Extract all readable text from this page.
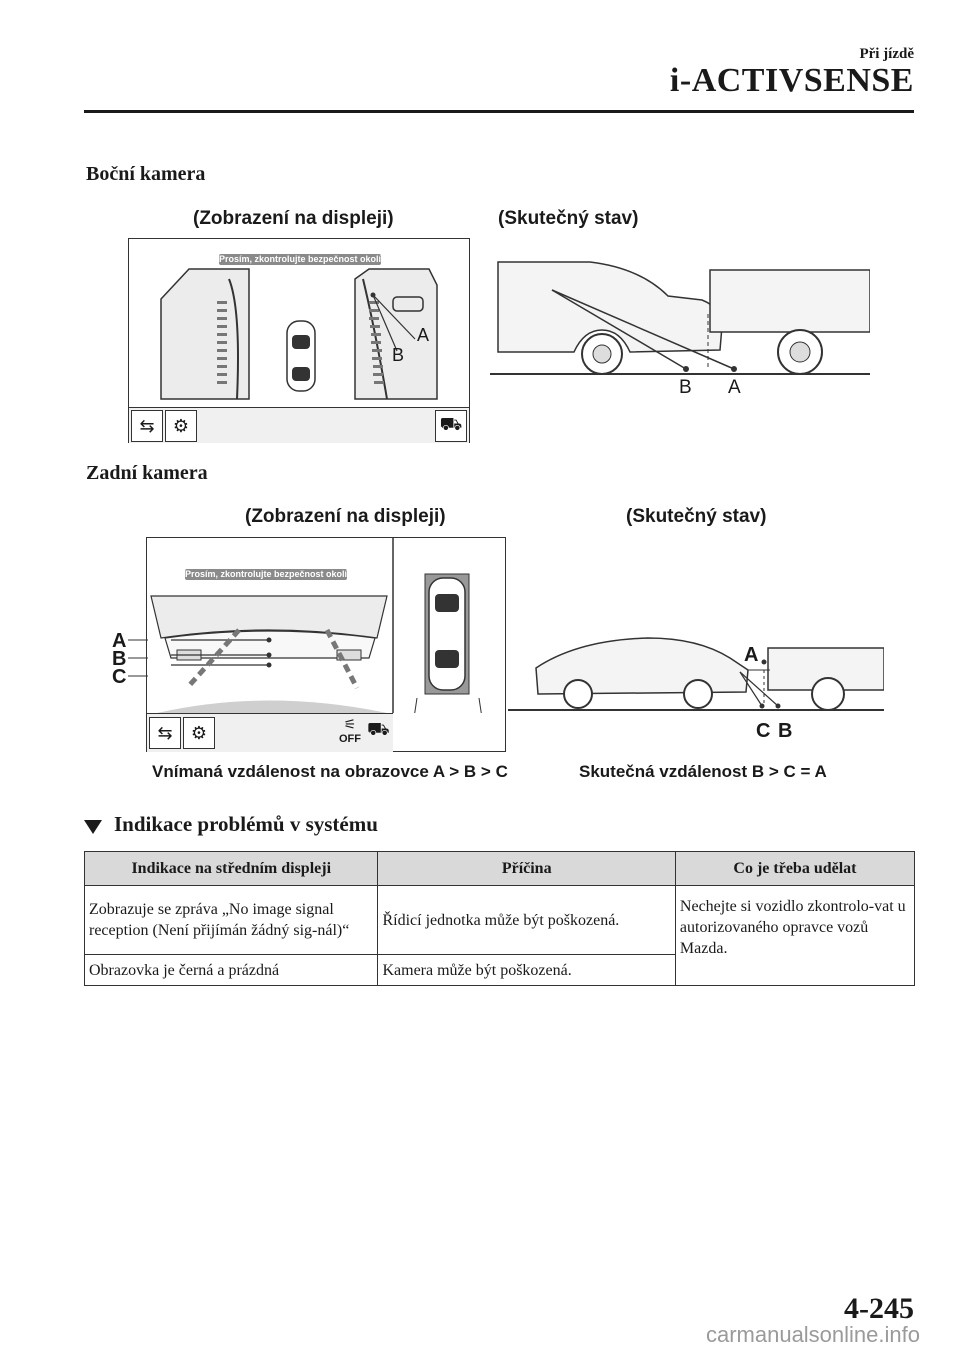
Při jízdě
i-ACTIVSENSE
Boční kamera
(Zobrazení na displeji)	(Skutečný stav)
Prosím, zkontrolujte bezpečnost okolí
A
B
⇆	⚙	⛟
B A
Zadní kamera
(Zobrazení na displeji)	(Skutečný stav)
Prosím, zkontrolujte bezpečnost okolí
⇆	⚙	⚟
OFF ⛟
A
B
C
A
C B
Vnímaná vzdálenost na obrazovce A > B > C	Skutečná vzdálenost B > C = A
Indikace problémů v systému
Indikace na středním displeji	Příčina	Co je třeba udělat
Zobrazuje se zpráva „No image signal reception (Není přijímán žádný sig-nál)“	Řídicí jednotka může být poškozená.	Nechejte si vozidlo zkontrolo-vat u autorizovaného opravce vozů Mazda.
Obrazovka je černá a prázdná	Kamera může být poškozená.	
4-245
carmanualsonline.info
